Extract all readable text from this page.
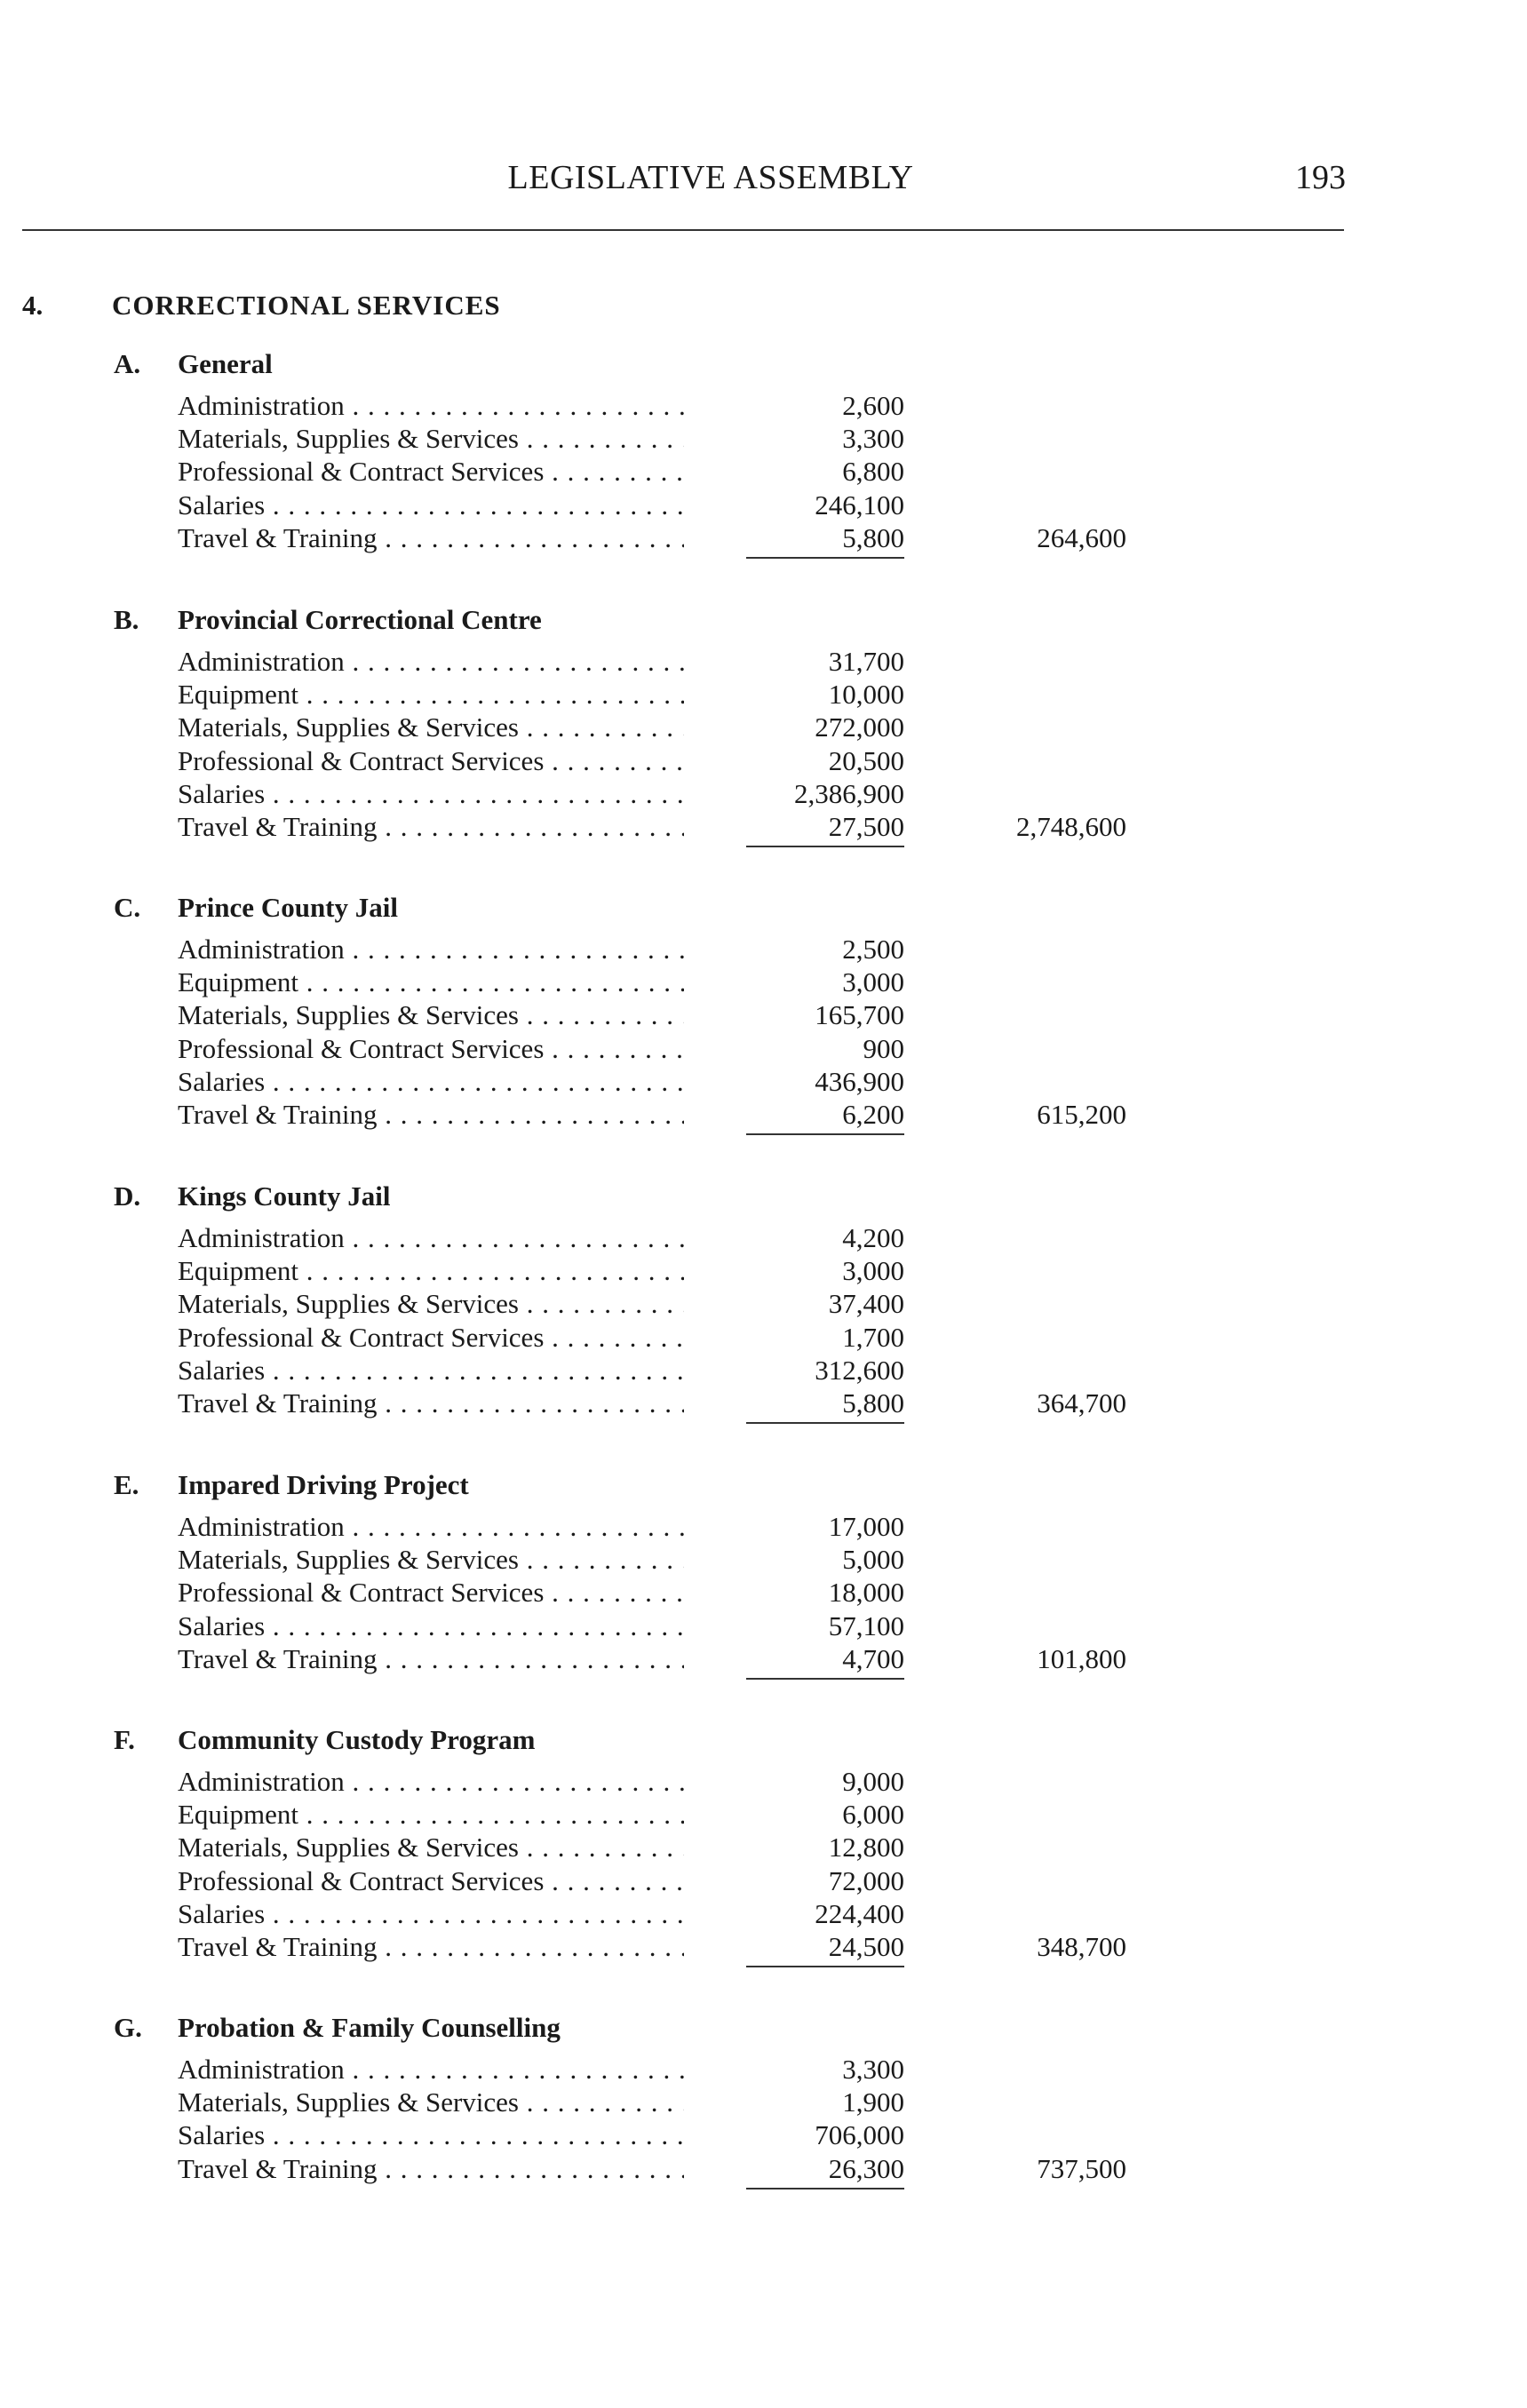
LEGISLATIVE ASSEMBLY	193
4.	CORRECTIONAL SERVICES
A. General
Administration . . .	2,600
Materials, Supplies & Services . . .	3,300
Professional & Contract Services . . .	6,800
Salaries . . .	246,100
Travel & Training . . .	5,800	264,600
B. Provincial Correctional Centre
Administration . . .	31,700
Equipment . . .	10,000
Materials, Supplies & Services . . .	272,000
Professional & Contract Services . . .	20,500
Salaries . . .	2,386,900
Travel & Training . . .	27,500	2,748,600
C. Prince County Jail
Administration . . .	2,500
Equipment . . .	3,000
Materials, Supplies & Services . . .	165,700
Professional & Contract Services . . .	900
Salaries . . .	436,900
Travel & Training . . .	6,200	615,200
D. Kings County Jail
Administration . . .	4,200
Equipment . . .	3,000
Materials, Supplies & Services . . .	37,400
Professional & Contract Services . . .	1,700
Salaries . . .	312,600
Travel & Training . . .	5,800	364,700
E. Impared Driving Project
Administration . . .	17,000
Materials, Supplies & Services . . .	5,000
Professional & Contract Services . . .	18,000
Salaries . . .	57,100
Travel & Training . . .	4,700	101,800
F. Community Custody Program
Administration . . .	9,000
Equipment . . .	6,000
Materials, Supplies & Services . . .	12,800
Professional & Contract Services . . .	72,000
Salaries . . .	224,400
Travel & Training . . .	24,500	348,700
G. Probation & Family Counselling
Administration . . .	3,300
Materials, Supplies & Services . . .	1,900
Salaries . . .	706,000
Travel & Training . . .	26,300	737,500
